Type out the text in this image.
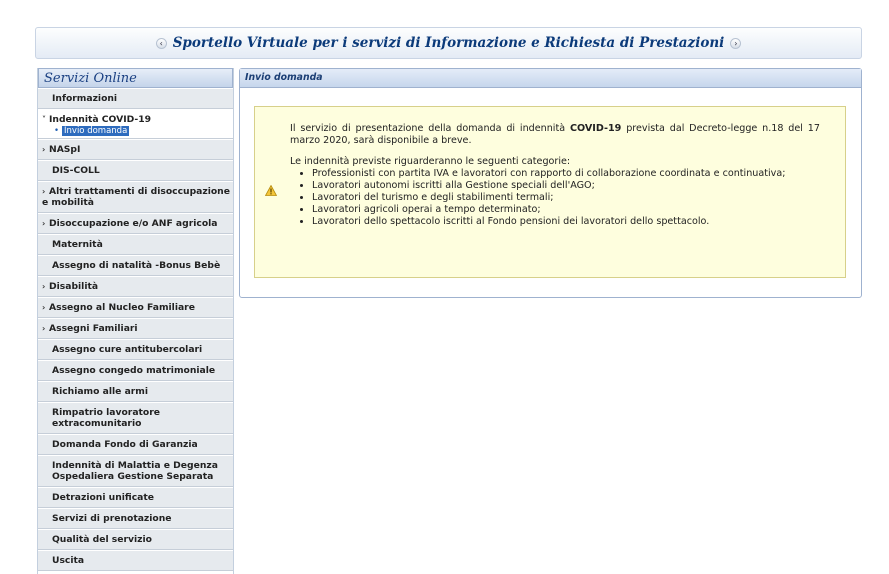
‹ Sportello Virtuale per i servizi di Informazione e Richiesta di Prestazioni	›
Servizi Online
Informazioni
˅ Indennità COVID-19
• Invio domanda
› NASpI
DIS-COLL
› Altri trattamenti di disoccupazione e mobilità
› Disoccupazione e/o ANF agricola
Maternità
Assegno di natalità -Bonus Bebè
› Disabilità
› Assegno al Nucleo Familiare
› Assegni Familiari
Assegno cure antitubercolari
Assegno congedo matrimoniale
Richiamo alle armi
Rimpatrio lavoratore extracomunitario
Domanda Fondo di Garanzia
Indennità di Malattia e Degenza Ospedaliera Gestione Separata
Detrazioni unificate
Servizi di prenotazione
Qualità del servizio
Uscita
Invio domanda

Il servizio di presentazione della domanda di indennità COVID-19 prevista dal Decreto-legge n.18 del 17 marzo 2020, sarà disponibile a breve.

Le indennità previste riguarderanno le seguenti categorie:
• Professionisti con partita IVA e lavoratori con rapporto di collaborazione coordinata e continuativa;
• Lavoratori autonomi iscritti alla Gestione speciali dell'AGO;
• Lavoratori del turismo e degli stabilimenti termali;
• Lavoratori agricoli operai a tempo determinato;
• Lavoratori dello spettacolo iscritti al Fondo pensioni dei lavoratori dello spettacolo.
